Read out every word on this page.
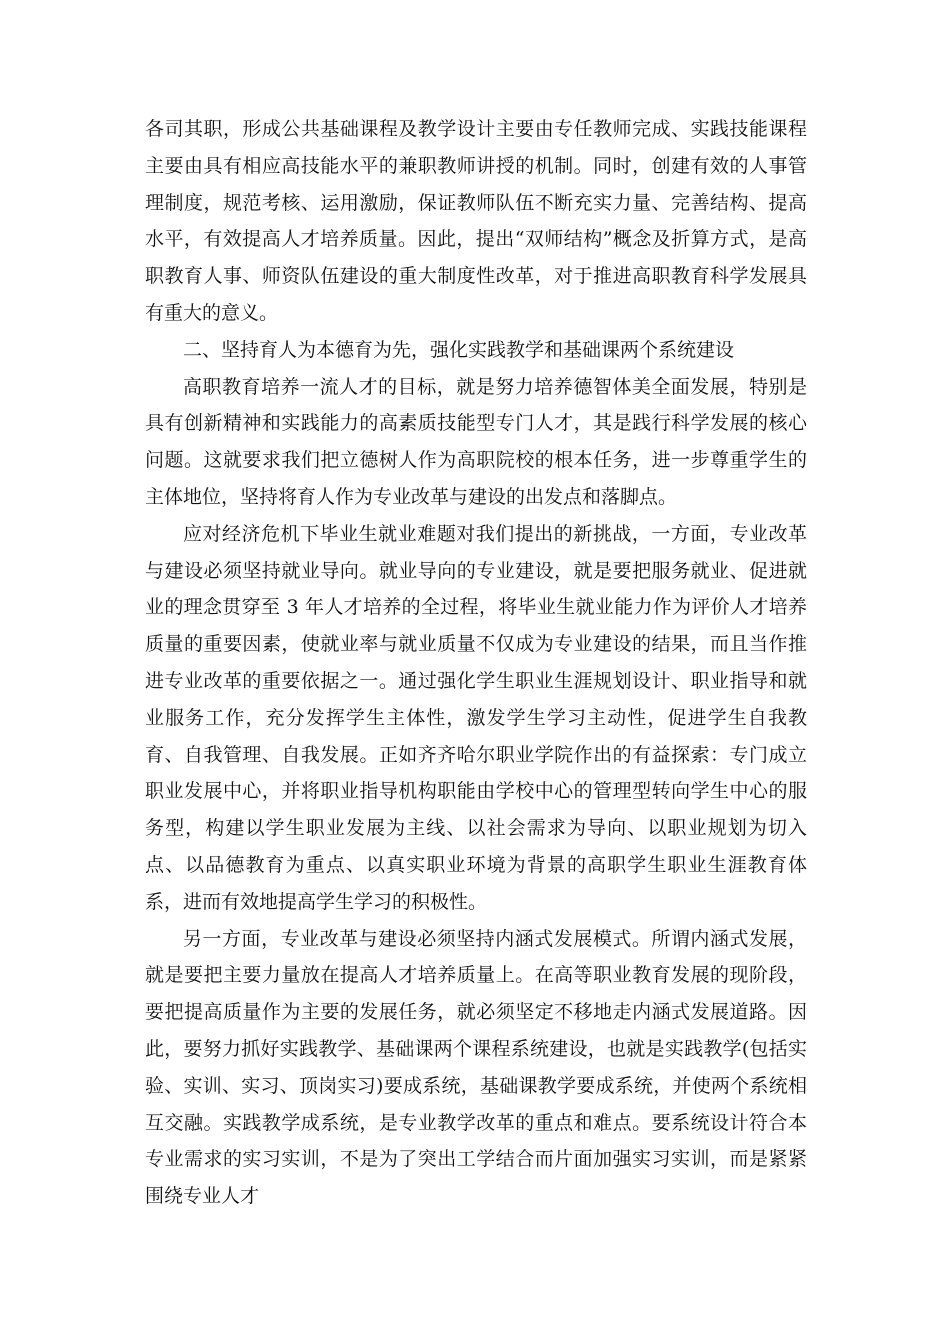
各司其职，形成公共基础课程及教学设计主要由专任教师完成、实践技能课程主要由具有相应高技能水平的兼职教师讲授的机制。同时，创建有效的人事管理制度，规范考核、运用激励，保证教师队伍不断充实力量、完善结构、提高水平，有效提高人才培养质量。因此，提出“双师结构”概念及折算方式，是高职教育人事、师资队伍建设的重大制度性改革，对于推进高职教育科学发展具有重大的意义。

二、坚持育人为本德育为先，强化实践教学和基础课两个系统建设

高职教育培养一流人才的目标，就是努力培养德智体美全面发展，特别是具有创新精神和实践能力的高素质技能型专门人才，其是践行科学发展的核心问题。这就要求我们把立德树人作为高职院校的根本任务，进一步尊重学生的主体地位，坚持将育人作为专业改革与建设的出发点和落脚点。

应对经济危机下毕业生就业难题对我们提出的新挑战，一方面，专业改革与建设必须坚持就业导向。就业导向的专业建设，就是要把服务就业、促进就业的理念贯穿至 3 年人才培养的全过程，将毕业生就业能力作为评价人才培养质量的重要因素，使就业率与就业质量不仅成为专业建设的结果，而且当作推进专业改革的重要依据之一。通过强化学生职业生涯规划设计、职业指导和就业服务工作，充分发挥学生主体性，激发学生学习主动性，促进学生自我教育、自我管理、自我发展。正如齐齐哈尔职业学院作出的有益探索：专门成立职业发展中心，并将职业指导机构职能由学校中心的管理型转向学生中心的服务型，构建以学生职业发展为主线、以社会需求为导向、以职业规划为切入点、以品德教育为重点、以真实职业环境为背景的高职学生职业生涯教育体系，进而有效地提高学生学习的积极性。

另一方面，专业改革与建设必须坚持内涵式发展模式。所谓内涵式发展，就是要把主要力量放在提高人才培养质量上。在高等职业教育发展的现阶段，要把提高质量作为主要的发展任务，就必须坚定不移地走内涵式发展道路。因此，要努力抓好实践教学、基础课两个课程系统建设，也就是实践教学(包括实验、实训、实习、顶岗实习)要成系统，基础课教学要成系统，并使两个系统相互交融。实践教学成系统，是专业教学改革的重点和难点。要系统设计符合本专业需求的实习实训，不是为了突出工学结合而片面加强实习实训，而是紧紧围绕专业人才
